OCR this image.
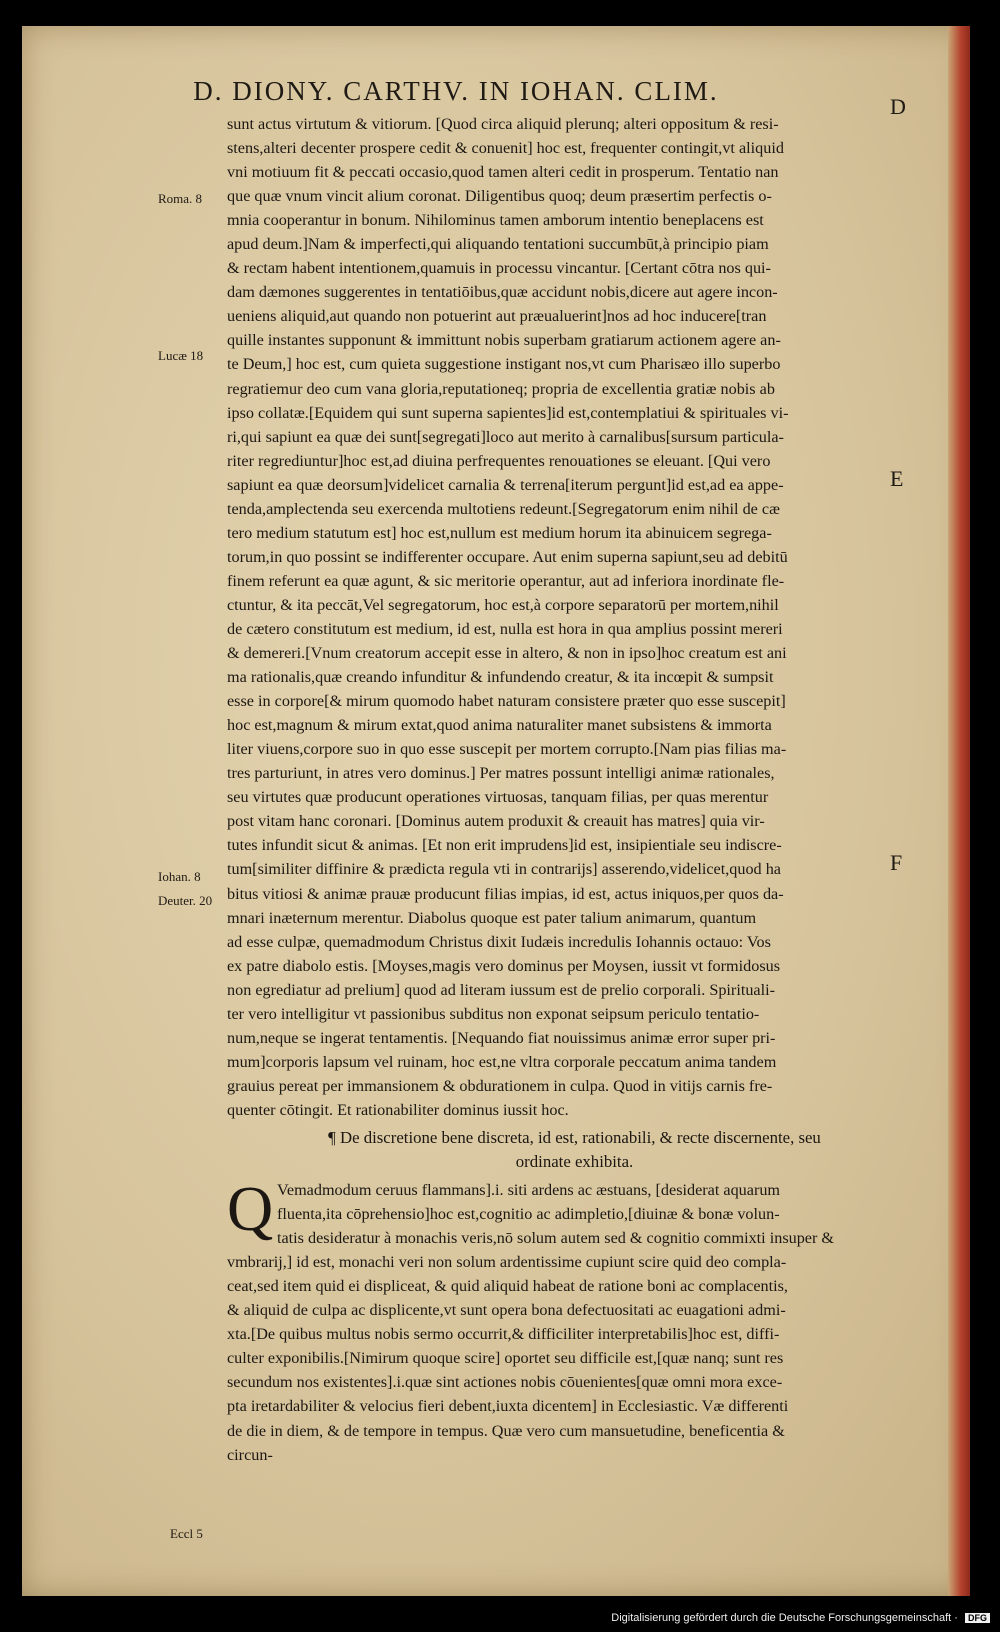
D. DIONY. CARTHV. IN IOHAN. CLIM.
D
E
F
Roma. 8
Lucæ 18
Iohan. 8
Deuter. 20
Eccl 5
sunt actus virtutum & vitiorum. [Quod circa aliquid plerunq; alteri oppositum & resi-
stens,alteri decenter prospere cedit & conuenit] hoc est, frequenter contingit,vt aliquid
vni motiuum fit & peccati occasio,quod tamen alteri cedit in prosperum. Tentatio nan
que quæ vnum vincit alium coronat. Diligentibus quoq; deum præsertim perfectis o-
mnia cooperantur in bonum. Nihilominus tamen amborum intentio beneplacens est
apud deum.]Nam & imperfecti,qui aliquando tentationi succumbūt,à principio piam
& rectam habent intentionem,quamuis in processu vincantur. [Certant cōtra nos qui-
dam dæmones suggerentes in tentatiōibus,quæ accidunt nobis,dicere aut agere incon-
ueniens aliquid,aut quando non potuerint aut præualuerint]nos ad hoc inducere[tran
quille instantes supponunt & immittunt nobis superbam gratiarum actionem agere an-
te Deum,] hoc est, cum quieta suggestione instigant nos,vt cum Pharisæo illo superbo
regratiemur deo cum vana gloria,reputationeq; propria de excellentia gratiæ nobis ab
ipso collatæ.[Equidem qui sunt superna sapientes]id est,contemplatiui & spirituales vi-
ri,qui sapiunt ea quæ dei sunt[segregati]loco aut merito à carnalibus[sursum particula-
riter regrediuntur]hoc est,ad diuina perfrequentes renouationes se eleuant. [Qui vero
sapiunt ea quæ deorsum]videlicet carnalia & terrena[iterum pergunt]id est,ad ea appe-
tenda,amplectenda seu exercenda multotiens redeunt.[Segregatorum enim nihil de cæ
tero medium statutum est] hoc est,nullum est medium horum ita abinuicem segrega-
torum,in quo possint se indifferenter occupare. Aut enim superna sapiunt,seu ad debitū
finem referunt ea quæ agunt, & sic meritorie operantur, aut ad inferiora inordinate fle-
ctuntur, & ita peccāt,Vel segregatorum, hoc est,à corpore separatorū per mortem,nihil
de cætero constitutum est medium, id est, nulla est hora in qua amplius possint mereri
& demereri.[Vnum creatorum accepit esse in altero, & non in ipso]hoc creatum est ani
ma rationalis,quæ creando infunditur & infundendo creatur, & ita incœpit & sumpsit
esse in corpore[& mirum quomodo habet naturam consistere præter quo esse suscepit]
hoc est,magnum & mirum extat,quod anima naturaliter manet subsistens & immorta
liter viuens,corpore suo in quo esse suscepit per mortem corrupto.[Nam pias filias ma-
tres parturiunt, in atres vero dominus.] Per matres possunt intelligi animæ rationales,
seu virtutes quæ producunt operationes virtuosas, tanquam filias, per quas merentur
post vitam hanc coronari. [Dominus autem produxit & creauit has matres] quia vir-
tutes infundit sicut & animas. [Et non erit imprudens]id est, insipientiale seu indiscre-
tum[similiter diffinire & prædicta regula vti in contrarijs] asserendo,videlicet,quod ha
bitus vitiosi & animæ prauæ producunt filias impias, id est, actus iniquos,per quos da-
mnari inæternum merentur. Diabolus quoque est pater talium animarum, quantum
ad esse culpæ, quemadmodum Christus dixit Iudæis incredulis Iohannis octauo: Vos
ex patre diabolo estis. [Moyses,magis vero dominus per Moysen, iussit vt formidosus
non egrediatur ad prelium] quod ad literam iussum est de prelio corporali. Spirituali-
ter vero intelligitur vt passionibus subditus non exponat seipsum periculo tentatio-
num,neque se ingerat tentamentis. [Nequando fiat nouissimus animæ error super pri-
mum]corporis lapsum vel ruinam, hoc est,ne vltra corporale peccatum anima tandem
grauius pereat per immansionem & obdurationem in culpa. Quod in vitijs carnis fre-
quenter cōtingit. Et rationabiliter dominus iussit hoc.
¶ De discretione bene discreta, id est, rationabili, & recte discernente, seu
ordinate exhibita.
Q Vemadmodum ceruus flammans].i. siti ardens ac æstuans, [desiderat aquarum
fluenta,ita cōprehensio]hoc est,cognitio ac adimpletio,[diuinæ & bonæ volun-
tatis desideratur à monachis veris,nō solum autem sed & cognitio commixti insuper &
vmbrarij,] id est, monachi veri non solum ardentissime cupiunt scire quid deo compla-
ceat,sed item quid ei displiceat, & quid aliquid habeat de ratione boni ac complacentis,
& aliquid de culpa ac displicente,vt sunt opera bona defectuositati ac euagationi admi-
xta.[De quibus multus nobis sermo occurrit,& difficiliter interpretabilis]hoc est, diffi-
culter exponibilis.[Nimirum quoque scire] oportet seu difficile est,[quæ nanq; sunt res
secundum nos existentes].i.quæ sint actiones nobis cōuenientes[quæ omni mora exce-
pta iretardabiliter & velocius fieri debent,iuxta dicentem] in Ecclesiastic. Væ differenti
de die in diem, & de tempore in tempus. Quæ vero cum mansuetudine, beneficentia &
circun-
Digitalisierung gefördert durch die Deutsche Forschungsgemeinschaft · DFG
